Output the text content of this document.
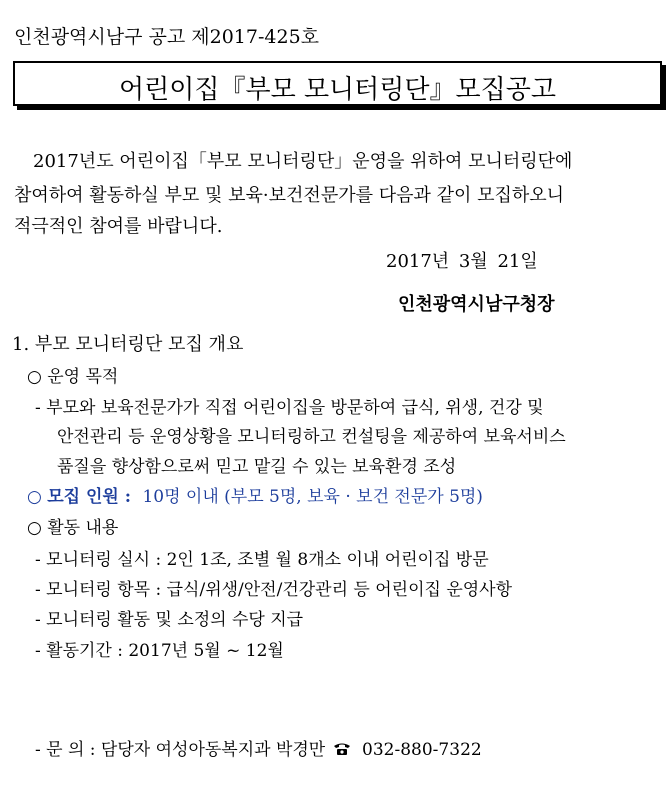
인천광역시남구 공고 제2017-425호
어린이집『부모 모니터링단』모집공고
2017년도 어린이집「부모 모니터링단」운영을 위하여 모니터링단에
참여하여 활동하실 부모 및 보육·보건전문가를 다음과 같이 모집하오니
적극적인 참여를 바랍니다.
2017년 3월 21일
인천광역시남구청장
1. 부모 모니터링단 모집 개요
○ 운영 목적
- 부모와 보육전문가가 직접 어린이집을 방문하여 급식, 위생, 건강 및
안전관리 등 운영상황을 모니터링하고 컨설팅을 제공하여 보육서비스
품질을 향상함으로써 믿고 맡길 수 있는 보육환경 조성
○ 모집 인원 : 10명 이내 (부모 5명, 보육 · 보건 전문가 5명)
○ 활동 내용
- 모니터링 실시 : 2인 1조, 조별 월 8개소 이내 어린이집 방문
- 모니터링 항목 : 급식/위생/안전/건강관리 등 어린이집 운영사항
- 모니터링 활동 및 소정의 수당 지급
- 활동기간 : 2017년 5월 ~ 12월
- 문 의 : 담당자 여성아동복지과 박경만 032-880-7322
